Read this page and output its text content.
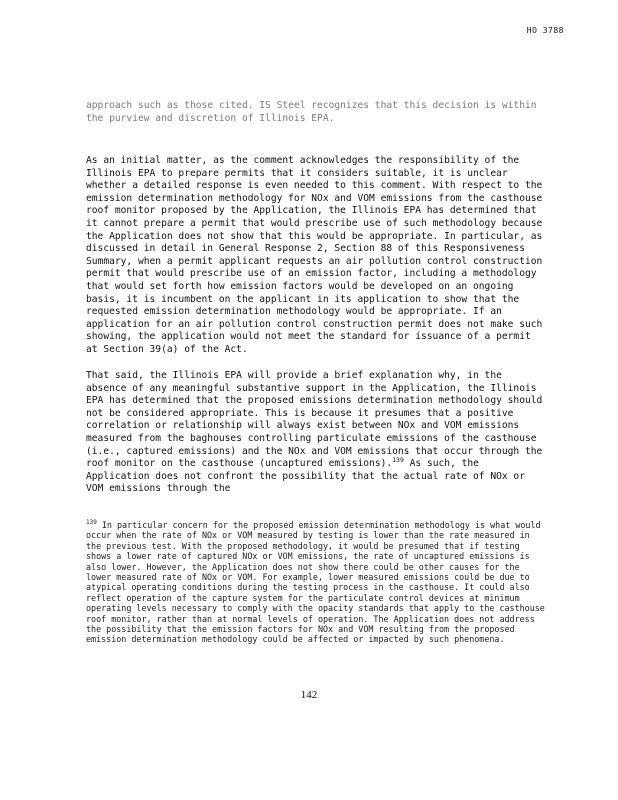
HO 3788
approach such as those cited. IS Steel recognizes that this decision is within the purview and discretion of Illinois EPA.

As an initial matter, as the comment acknowledges the responsibility of the Illinois EPA to prepare permits that it considers suitable, it is unclear whether a detailed response is even needed to this comment. With respect to the emission determination methodology for NOx and VOM emissions from the casthouse roof monitor proposed by the Application, the Illinois EPA has determined that it cannot prepare a permit that would prescribe use of such methodology because the Application does not show that this would be appropriate. In particular, as discussed in detail in General Response 2, Section 88 of this Responsiveness Summary, when a permit applicant requests an air pollution control construction permit that would prescribe use of an emission factor, including a methodology that would set forth how emission factors would be developed on an ongoing basis, it is incumbent on the applicant in its application to show that the requested emission determination methodology would be appropriate. If an application for an air pollution control construction permit does not make such showing, the application would not meet the standard for issuance of a permit at Section 39(a) of the Act.

That said, the Illinois EPA will provide a brief explanation why, in the absence of any meaningful substantive support in the Application, the Illinois EPA has determined that the proposed emissions determination methodology should not be considered appropriate. This is because it presumes that a positive correlation or relationship will always exist between NOx and VOM emissions measured from the baghouses controlling particulate emissions of the casthouse (i.e., captured emissions) and the NOx and VOM emissions that occur through the roof monitor on the casthouse (uncaptured emissions).$^{139}$ As such, the Application does not confront the possibility that the actual rate of NOx or VOM emissions through the

$^{139}$ In particular concern for the proposed emission determination methodology is what would occur when the rate of NOx or VOM measured by testing is lower than the rate measured in the previous test. With the proposed methodology, it would be presumed that if testing shows a lower rate of captured NOx or VOM emissions, the rate of uncaptured emissions is also lower. However, the Application does not show there could be other causes for the lower measured rate of NOx or VOM. For example, lower measured emissions could be due to atypical operating conditions during the testing process in the casthouse. It could also reflect operation of the capture system for the particulate control devices at minimum operating levels necessary to comply with the opacity standards that apply to the casthouse roof monitor, rather than at normal levels of operation. The Application does not address the possibility that the emission factors for NOx and VOM resulting from the proposed emission determination methodology could be affected or impacted by such phenomena.

142
